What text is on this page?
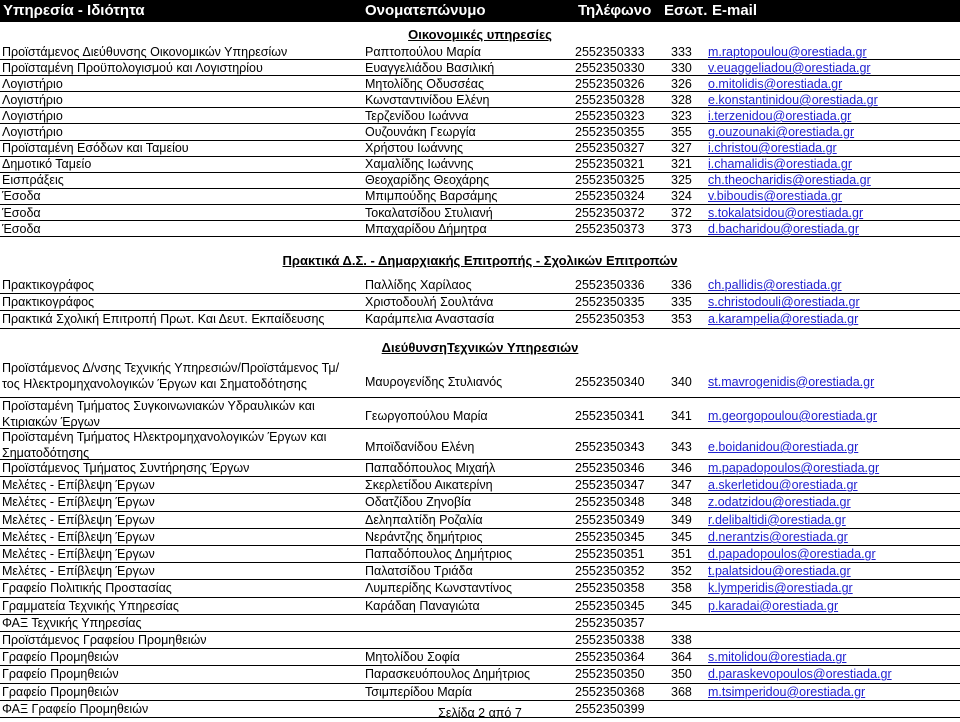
Υπηρεσία - Ιδιότητα	Ονοματεπώνυμο	Τηλέφωνο Εσωτ. E-mail
Οικονομικές υπηρεσίες
Προϊστάμενος Διεύθυνσης Οικονομικών Υπηρεσίων	Ραπτοπούλου Μαρία	2552350333 333 m.raptopoulou@orestiada.gr
Προϊσταμένη Προϋπολογισμού και Λογιστηρίου	Ευαγγελιάδου Βασιλική	2552350330 330 v.euaggeliadou@orestiada.gr
Λογιστήριο	Μητολίδης Οδυσσέας	2552350326 326 o.mitolidis@orestiada.gr
Λογιστήριο	Κωνσταντινίδου Ελένη	2552350328 328 e.konstantinidou@orestiada.gr
Λογιστήριο	Τερζενίδου Ιωάννα	2552350323 323 i.terzenidou@orestiada.gr
Λογιστήριο	Ουζουνάκη Γεωργία	2552350355 355 g.ouzounaki@orestiada.gr
Προϊσταμένη Εσόδων και Ταμείου	Χρήστου Ιωάννης	2552350327 327 i.christou@orestiada.gr
Δημοτικό Ταμείο	Χαμαλίδης Ιωάννης	2552350321 321 i.chamalidis@orestiada.gr
Εισπράξεις	Θεοχαρίδης Θεοχάρης	2552350325 325 ch.theocharidis@orestiada.gr
Έσοδα	Μπιμπούδης Βαρσάμης	2552350324 324 v.biboudis@orestiada.gr
Έσοδα	Τοκαλατσίδου Στυλιανή	2552350372 372 s.tokalatsidou@orestiada.gr
Έσοδα	Μπαχαρίδου Δήμητρα	2552350373 373 d.bacharidou@orestiada.gr
Πρακτικά Δ.Σ. - Δημαρχιακής Επιτροπής - Σχολικών Επιτροπών
Πρακτικογράφος	Παλλίδης Χαρίλαος	2552350336 336 ch.pallidis@orestiada.gr
Πρακτικογράφος	Χριστοδουλή Σουλτάνα	2552350335 335 s.christodouli@orestiada.gr
Πρακτικά Σχολική Επιτροπή Πρωτ. Και Δευτ. Εκπαίδευσης	Καράμπελια Αναστασία	2552350353 353 a.karampelia@orestiada.gr
ΔιεύθυνσηΤεχνικών Υπηρεσιών
Προϊστάμενος Δ/νσης Τεχνικής Υπηρεσιών/Προϊστάμενος Τμ/τος Ηλεκτρομηχανολογικών Έργων και Σηματοδότησης	Μαυρογενίδης Στυλιανός	2552350340 340 st.mavrogenidis@orestiada.gr
Προϊσταμένη Τμήματος Συγκοινωνιακών Υδραυλικών και Κτιριακών Έργων	Γεωργοπούλου Μαρία	2552350341 341 m.georgopoulou@orestiada.gr
Προϊσταμένη Τμήματος Ηλεκτρομηχανολογικών Έργων και Σηματοδότησης	Μποϊδανίδου Ελένη	2552350343 343 e.boidanidou@orestiada.gr
Προϊστάμενος Τμήματος Συντήρησης Έργων	Παπαδόπουλος Μιχαήλ	2552350346 346 m.papadopoulos@orestiada.gr
Μελέτες - Επίβλεψη Έργων	Σκερλετίδου Αικατερίνη	2552350347 347 a.skerletidou@orestiada.gr
Μελέτες - Επίβλεψη Έργων	Οδατζίδου Ζηνοβία	2552350348 348 z.odatzidou@orestiada.gr
Μελέτες - Επίβλεψη Έργων	Δεληπαλτίδη Ροζαλία	2552350349 349 r.delibaltidi@orestiada.gr
Μελέτες - Επίβλεψη Έργων	Νεράντζης δημήτριος	2552350345 345 d.nerantzis@orestiada.gr
Μελέτες - Επίβλεψη Έργων	Παπαδόπουλος Δημήτριος	2552350351 351 d.papadopoulos@orestiada.gr
Μελέτες - Επίβλεψη Έργων	Παλατσίδου Τριάδα	2552350352 352 t.palatsidou@orestiada.gr
Γραφείο Πολιτικής Προστασίας	Λυμπερίδης Κωνσταντίνος	2552350358 358 k.lymperidis@orestiada.gr
Γραμματεία Τεχνικής Υπηρεσίας	Καράδαη Παναγιώτα	2552350345 345 p.karadai@orestiada.gr
ΦΑΞ Τεχνικής Υπηρεσίας	2552350357
Προϊστάμενος Γραφείου Προμηθειών	2552350338 338
Γραφείο Προμηθειών	Μητολίδου Σοφία	2552350364 364 s.mitolidou@orestiada.gr
Γραφείο Προμηθειών	Παρασκευόπουλος Δημήτριος	2552350350 350 d.paraskevopoulos@orestiada.gr
Γραφείο Προμηθειών	Τσιμπερίδου Μαρία	2552350368 368 m.tsimperidou@orestiada.gr
ΦΑΞ Γραφείο Προμηθειών	2552350399
Σελίδα 2 από 7
